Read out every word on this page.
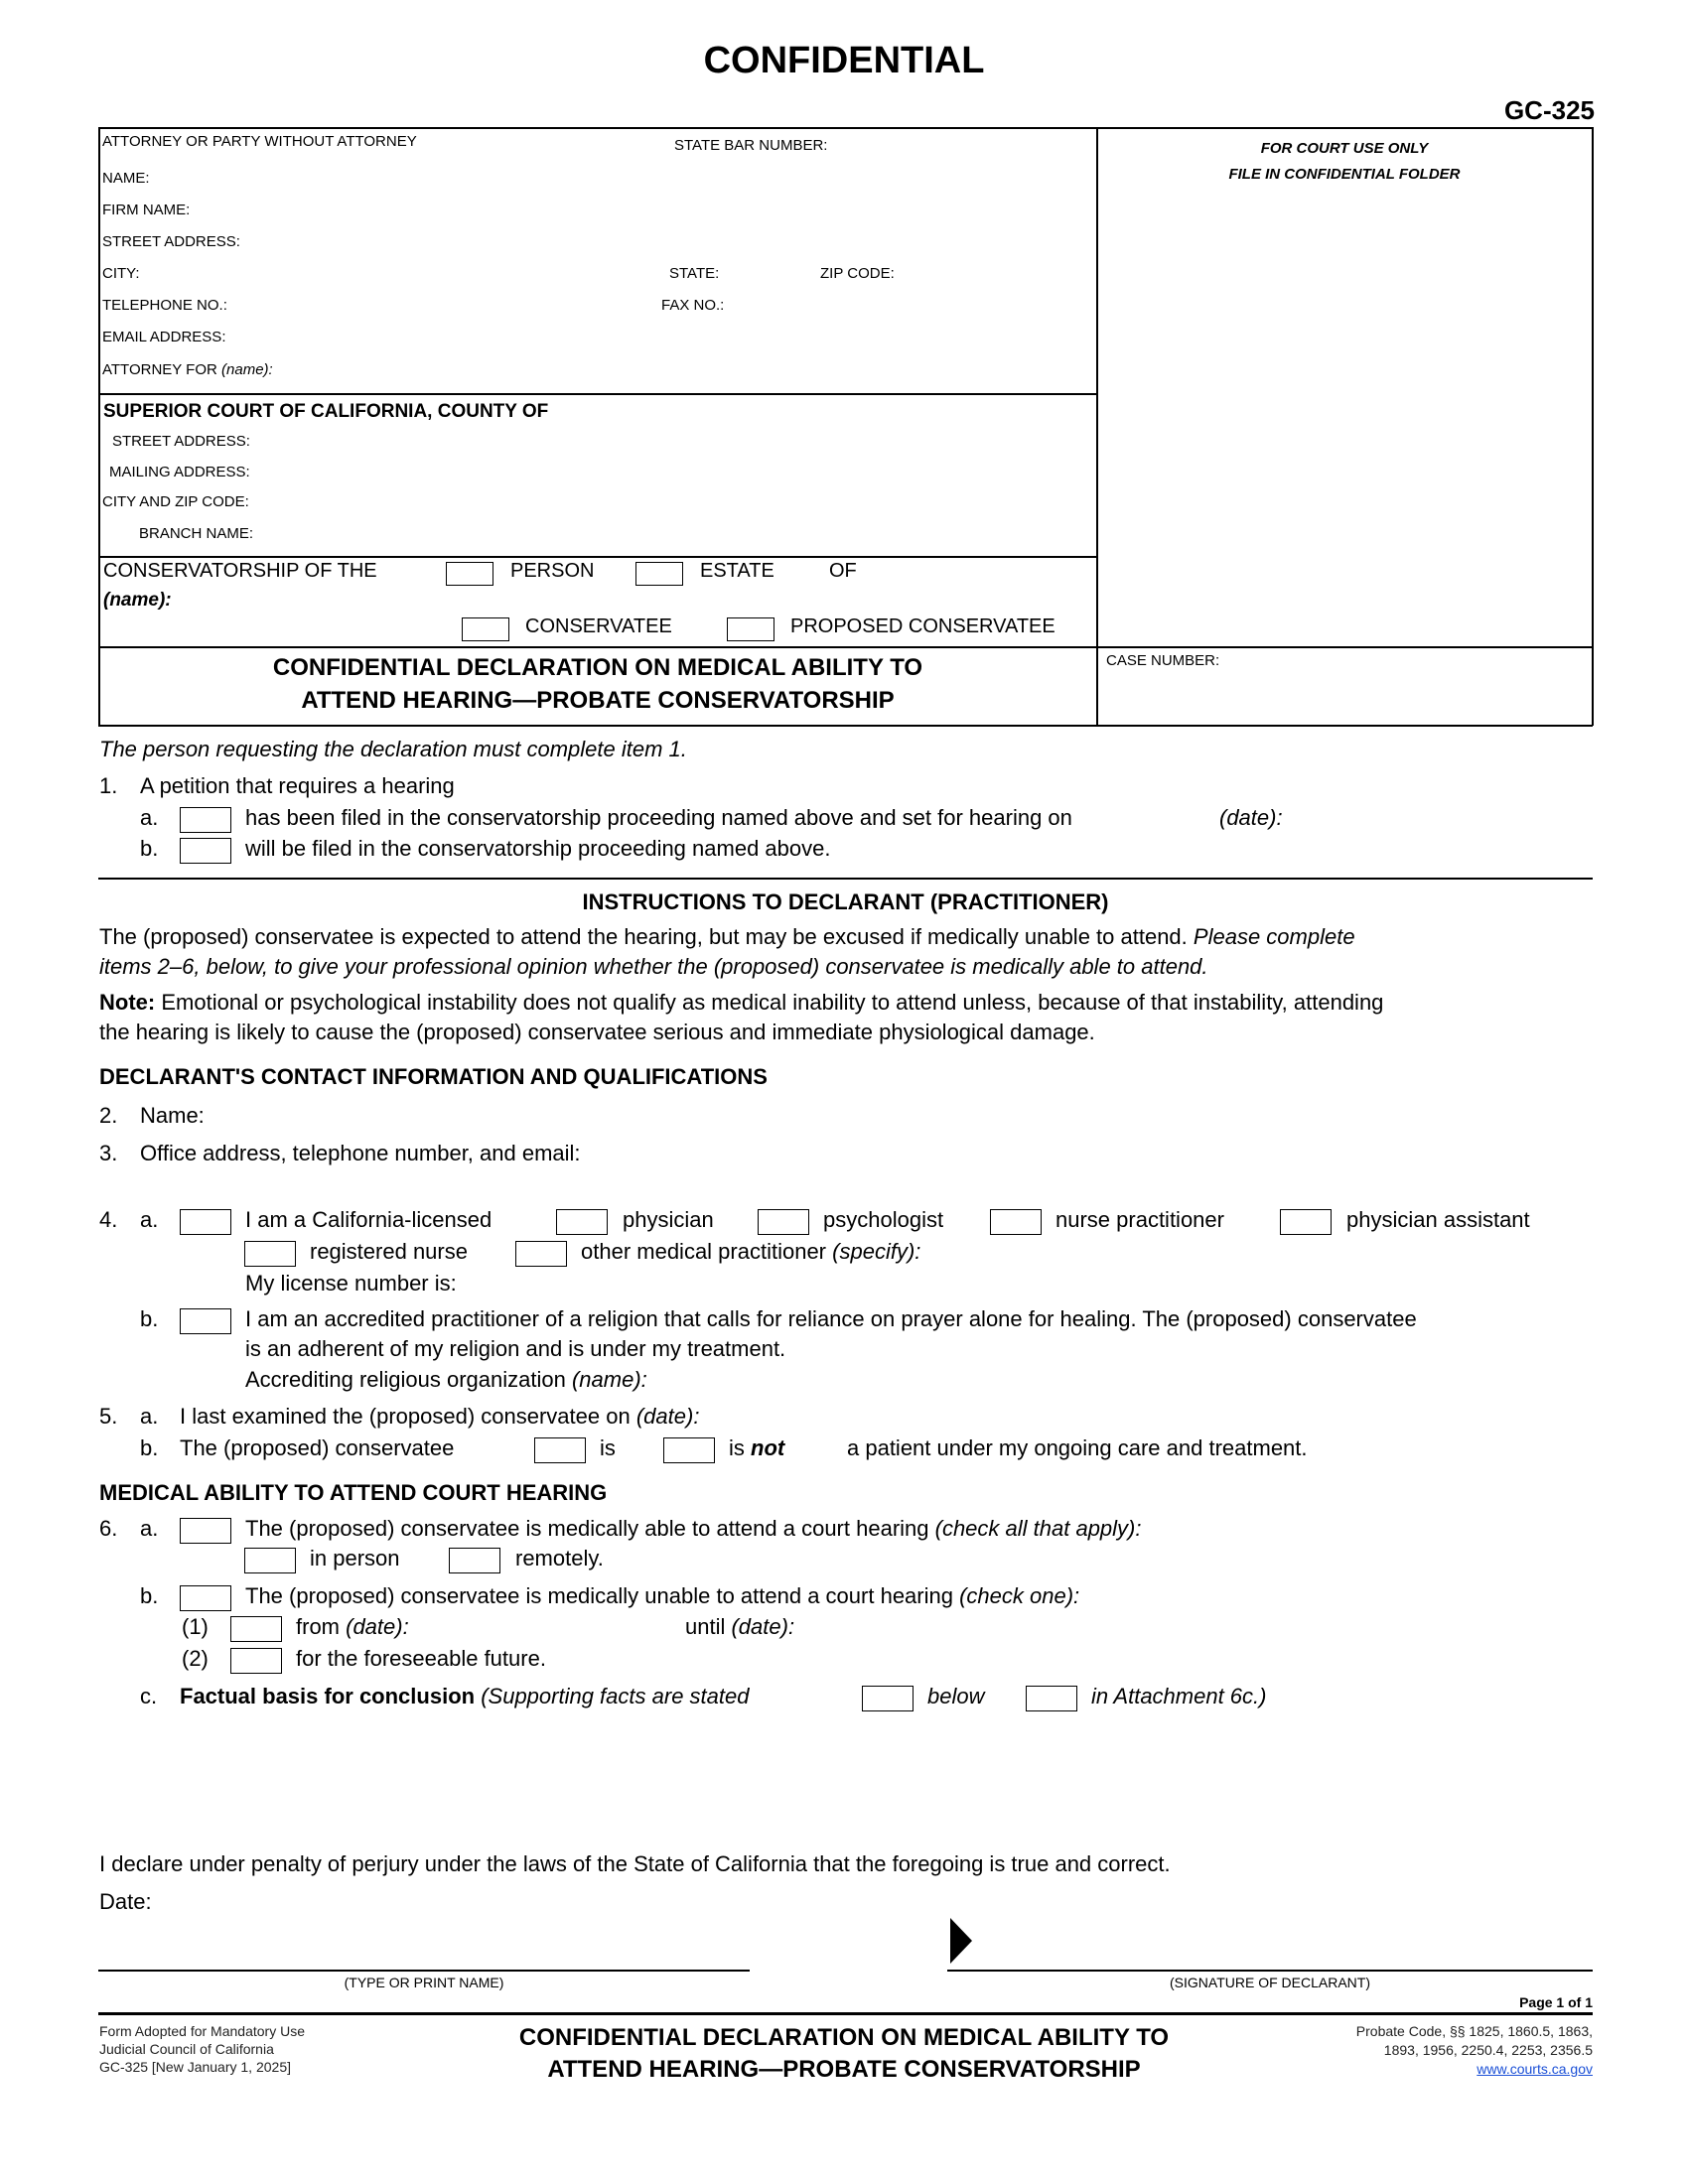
CONFIDENTIAL
GC-325
ATTORNEY OR PARTY WITHOUT ATTORNEY	STATE BAR NUMBER:
NAME:
FIRM NAME:
STREET ADDRESS:
CITY:	STATE:	ZIP CODE:
TELEPHONE NO.:	FAX NO.:
EMAIL ADDRESS:
ATTORNEY FOR (name):
FOR COURT USE ONLY
FILE IN CONFIDENTIAL FOLDER
SUPERIOR COURT OF CALIFORNIA, COUNTY OF
STREET ADDRESS:
MAILING ADDRESS:
CITY AND ZIP CODE:
BRANCH NAME:
CONSERVATORSHIP OF THE	PERSON	ESTATE	OF
(name):
CONSERVATEE	PROPOSED CONSERVATEE
CONFIDENTIAL DECLARATION ON MEDICAL ABILITY TO
ATTEND HEARING—PROBATE CONSERVATORSHIP
CASE NUMBER:
The person requesting the declaration must complete item 1.
1. A petition that requires a hearing
a.	has been filed in the conservatorship proceeding named above and set for hearing on	(date):
b.	will be filed in the conservatorship proceeding named above.
INSTRUCTIONS TO DECLARANT (PRACTITIONER)
The (proposed) conservatee is expected to attend the hearing, but may be excused if medically unable to attend. Please complete
items 2–6, below, to give your professional opinion whether the (proposed) conservatee is medically able to attend.
Note: Emotional or psychological instability does not qualify as medical inability to attend unless, because of that instability, attending
the hearing is likely to cause the (proposed) conservatee serious and immediate physiological damage.
DECLARANT'S CONTACT INFORMATION AND QUALIFICATIONS
2. Name:
3. Office address, telephone number, and email:
4. a.	I am a California-licensed	physician	psychologist	nurse practitioner	physician assistant
registered nurse	other medical practitioner (specify):
My license number is:
b.	I am an accredited practitioner of a religion that calls for reliance on prayer alone for healing. The (proposed) conservatee
is an adherent of my religion and is under my treatment.
Accrediting religious organization (name):
5. a. I last examined the (proposed) conservatee on (date):
b. The (proposed) conservatee	is	is not	a patient under my ongoing care and treatment.
MEDICAL ABILITY TO ATTEND COURT HEARING
6. a.	The (proposed) conservatee is medically able to attend a court hearing (check all that apply):
in person	remotely.
b.	The (proposed) conservatee is medically unable to attend a court hearing (check one):
(1)	from (date):	until (date):
(2)	for the foreseeable future.
c. Factual basis for conclusion (Supporting facts are stated	below	in Attachment 6c.)
I declare under penalty of perjury under the laws of the State of California that the foregoing is true and correct.
Date:
(TYPE OR PRINT NAME)	(SIGNATURE OF DECLARANT)
Page 1 of 1
Form Adopted for Mandatory Use
Judicial Council of California
GC-325 [New January 1, 2025]
CONFIDENTIAL DECLARATION ON MEDICAL ABILITY TO
ATTEND HEARING—PROBATE CONSERVATORSHIP
Probate Code, §§ 1825, 1860.5, 1863,
1893, 1956, 2250.4, 2253, 2356.5
www.courts.ca.gov
